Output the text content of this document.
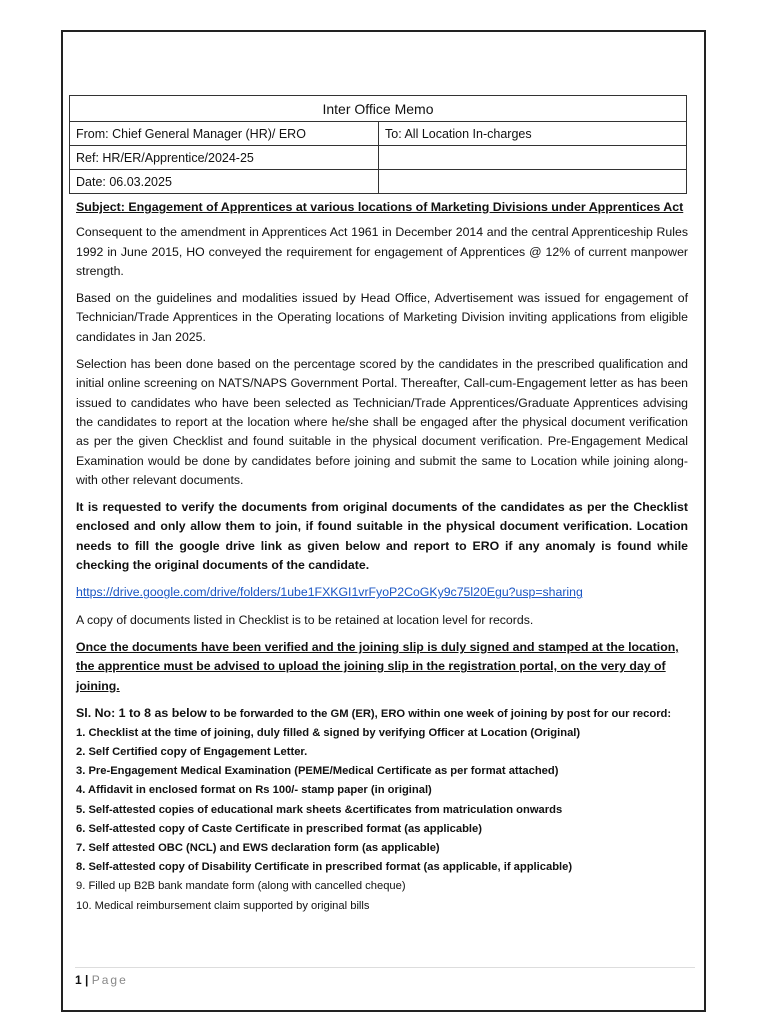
Inter Office Memo	
From: Chief General Manager (HR)/ ERO	To: All Location In-charges
Ref: HR/ER/Apprentice/2024-25	
Date: 06.03.2025	

Subject: Engagement of Apprentices at various locations of Marketing Divisions under Apprentices Act

Consequent to the amendment in Apprentices Act 1961 in December 2014 and the central Apprenticeship Rules 1992 in June 2015, HO conveyed the requirement for engagement of Apprentices @ 12% of current manpower strength.

Based on the guidelines and modalities issued by Head Office, Advertisement was issued for engagement of Technician/Trade Apprentices in the Operating locations of Marketing Division inviting applications from eligible candidates in Jan 2025.

Selection has been done based on the percentage scored by the candidates in the prescribed qualification and initial online screening on NATS/NAPS Government Portal. Thereafter, Call-cum-Engagement letter as has been issued to candidates who have been selected as Technician/Trade Apprentices/Graduate Apprentices advising the candidates to report at the location where he/she shall be engaged after the physical document verification as per the given Checklist and found suitable in the physical document verification. Pre-Engagement Medical Examination would be done by candidates before joining and submit the same to Location while joining along-with other relevant documents.

It is requested to verify the documents from original documents of the candidates as per the Checklist enclosed and only allow them to join, if found suitable in the physical document verification. Location needs to fill the google drive link as given below and report to ERO if any anomaly is found while checking the original documents of the candidate.

https://drive.google.com/drive/folders/1ube1FXKGI1vrFyoP2CoGKy9c75l20Egu?usp=sharing

A copy of documents listed in Checklist is to be retained at location level for records.

Once the documents have been verified and the joining slip is duly signed and stamped at the location, the apprentice must be advised to upload the joining slip in the registration portal, on the very day of joining.

Sl. No: 1 to 8 as below to be forwarded to the GM (ER), ERO within one week of joining by post for our record:
1. Checklist at the time of joining, duly filled & signed by verifying Officer at Location (Original)
2. Self Certified copy of Engagement Letter.
3. Pre-Engagement Medical Examination (PEME/Medical Certificate as per format attached)
4. Affidavit in enclosed format on Rs 100/- stamp paper (in original)
5. Self-attested copies of educational mark sheets &certificates from matriculation onwards
6. Self-attested copy of Caste Certificate in prescribed format (as applicable)
7. Self attested OBC (NCL) and EWS declaration form (as applicable)
8. Self-attested copy of Disability Certificate in prescribed format (as applicable, if applicable)
9. Filled up B2B bank mandate form (along with cancelled cheque)
10. Medical reimbursement claim supported by original bills
1 | Page
